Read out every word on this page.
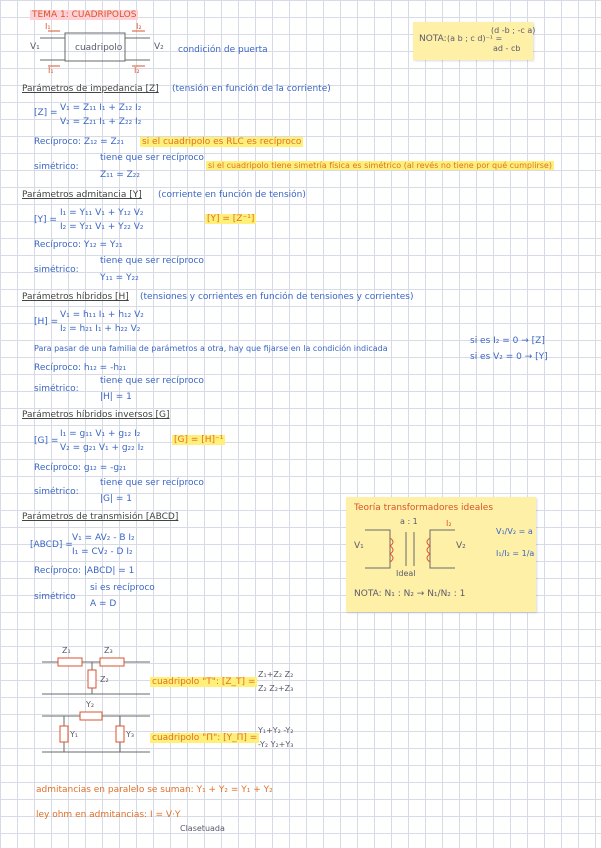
TEMA 1: CUADRIPOLOS
cuadripolo
I₁	I₂
V₁	V₂
I₁	I₂
condición de puerta
NOTA: (a b ; c d)⁻¹ =
(d -b ; -c a)
ad - cb
Parámetros de impedancia [Z] (tensión en función de la corriente)
[Z] = V₁ = Z₁₁ I₁ + Z₁₂ I₂
V₂ = Z₂₁ I₁ + Z₂₂ I₂
Recíproco: Z₁₂ = Z₂₁ si el cuadripolo es RLC es recíproco
simétrico:
tiene que ser recíproco
Z₁₁ = Z₂₂
si el cuadripolo tiene simetría física es simétrico (al revés no tiene por qué cumplirse)
Parámetros admitancia [Y] (corriente en función de tensión)
[Y] =
I₁ = Y₁₁ V₁ + Y₁₂ V₂
I₂ = Y₂₁ V₁ + Y₂₂ V₂
[Y] = [Z⁻¹]
Recíproco: Y₁₂ = Y₂₁
simétrico:
tiene que ser recíproco
Y₁₁ = Y₂₂
Parámetros híbridos [H] (tensiones y corrientes en función de tensiones y corrientes)
[H] =
V₁ = h₁₁ I₁ + h₁₂ V₂
I₂ = h₂₁ I₁ + h₂₂ V₂
Para pasar de una familia de parámetros a otra, hay que fijarse en la condición indicada
si es I₂ = 0 → [Z]
si es V₂ = 0 → [Y]
Recíproco: h₁₂ = -h₂₁
simétrico:
tiene que ser recíproco
|H| = 1
Parámetros híbridos inversos [G]
[G] =
I₁ = g₁₁ V₁ + g₁₂ I₂
V₂ = g₂₁ V₁ + g₂₂ I₂
[G] = [H]⁻¹
Recíproco: g₁₂ = -g₂₁
simétrico:
tiene que ser recíproco
|G| = 1
Parámetros de transmisión [ABCD]
[ABCD] =
V₁ = AV₂ - B I₂
I₁ = CV₂ - D I₂
Recíproco: |ABCD| = 1
simétrico
si es recíproco
A = D
Teoría transformadores ideales
a : 1
V₁	V₂
I₂
Ideal
V₁/V₂ = a
I₁/I₂ = 1/a
NOTA: N₁ : N₂ → N₁/N₂ : 1
Z₁	Z₃
Z₂	cuadripolo "T": [Z_T] =
Z₁+Z₂ Z₂
Z₂ Z₂+Z₃
Y₂
Y₁	Y₃ cuadripolo "Π": [Y_Π] =
Y₁+Y₂ -Y₂
-Y₂ Y₂+Y₃
admitancias en paralelo se suman: Y₁ + Y₂ = Y₁ + Y₂
ley ohm en admitancias: I = V·Y
Clasetuada
